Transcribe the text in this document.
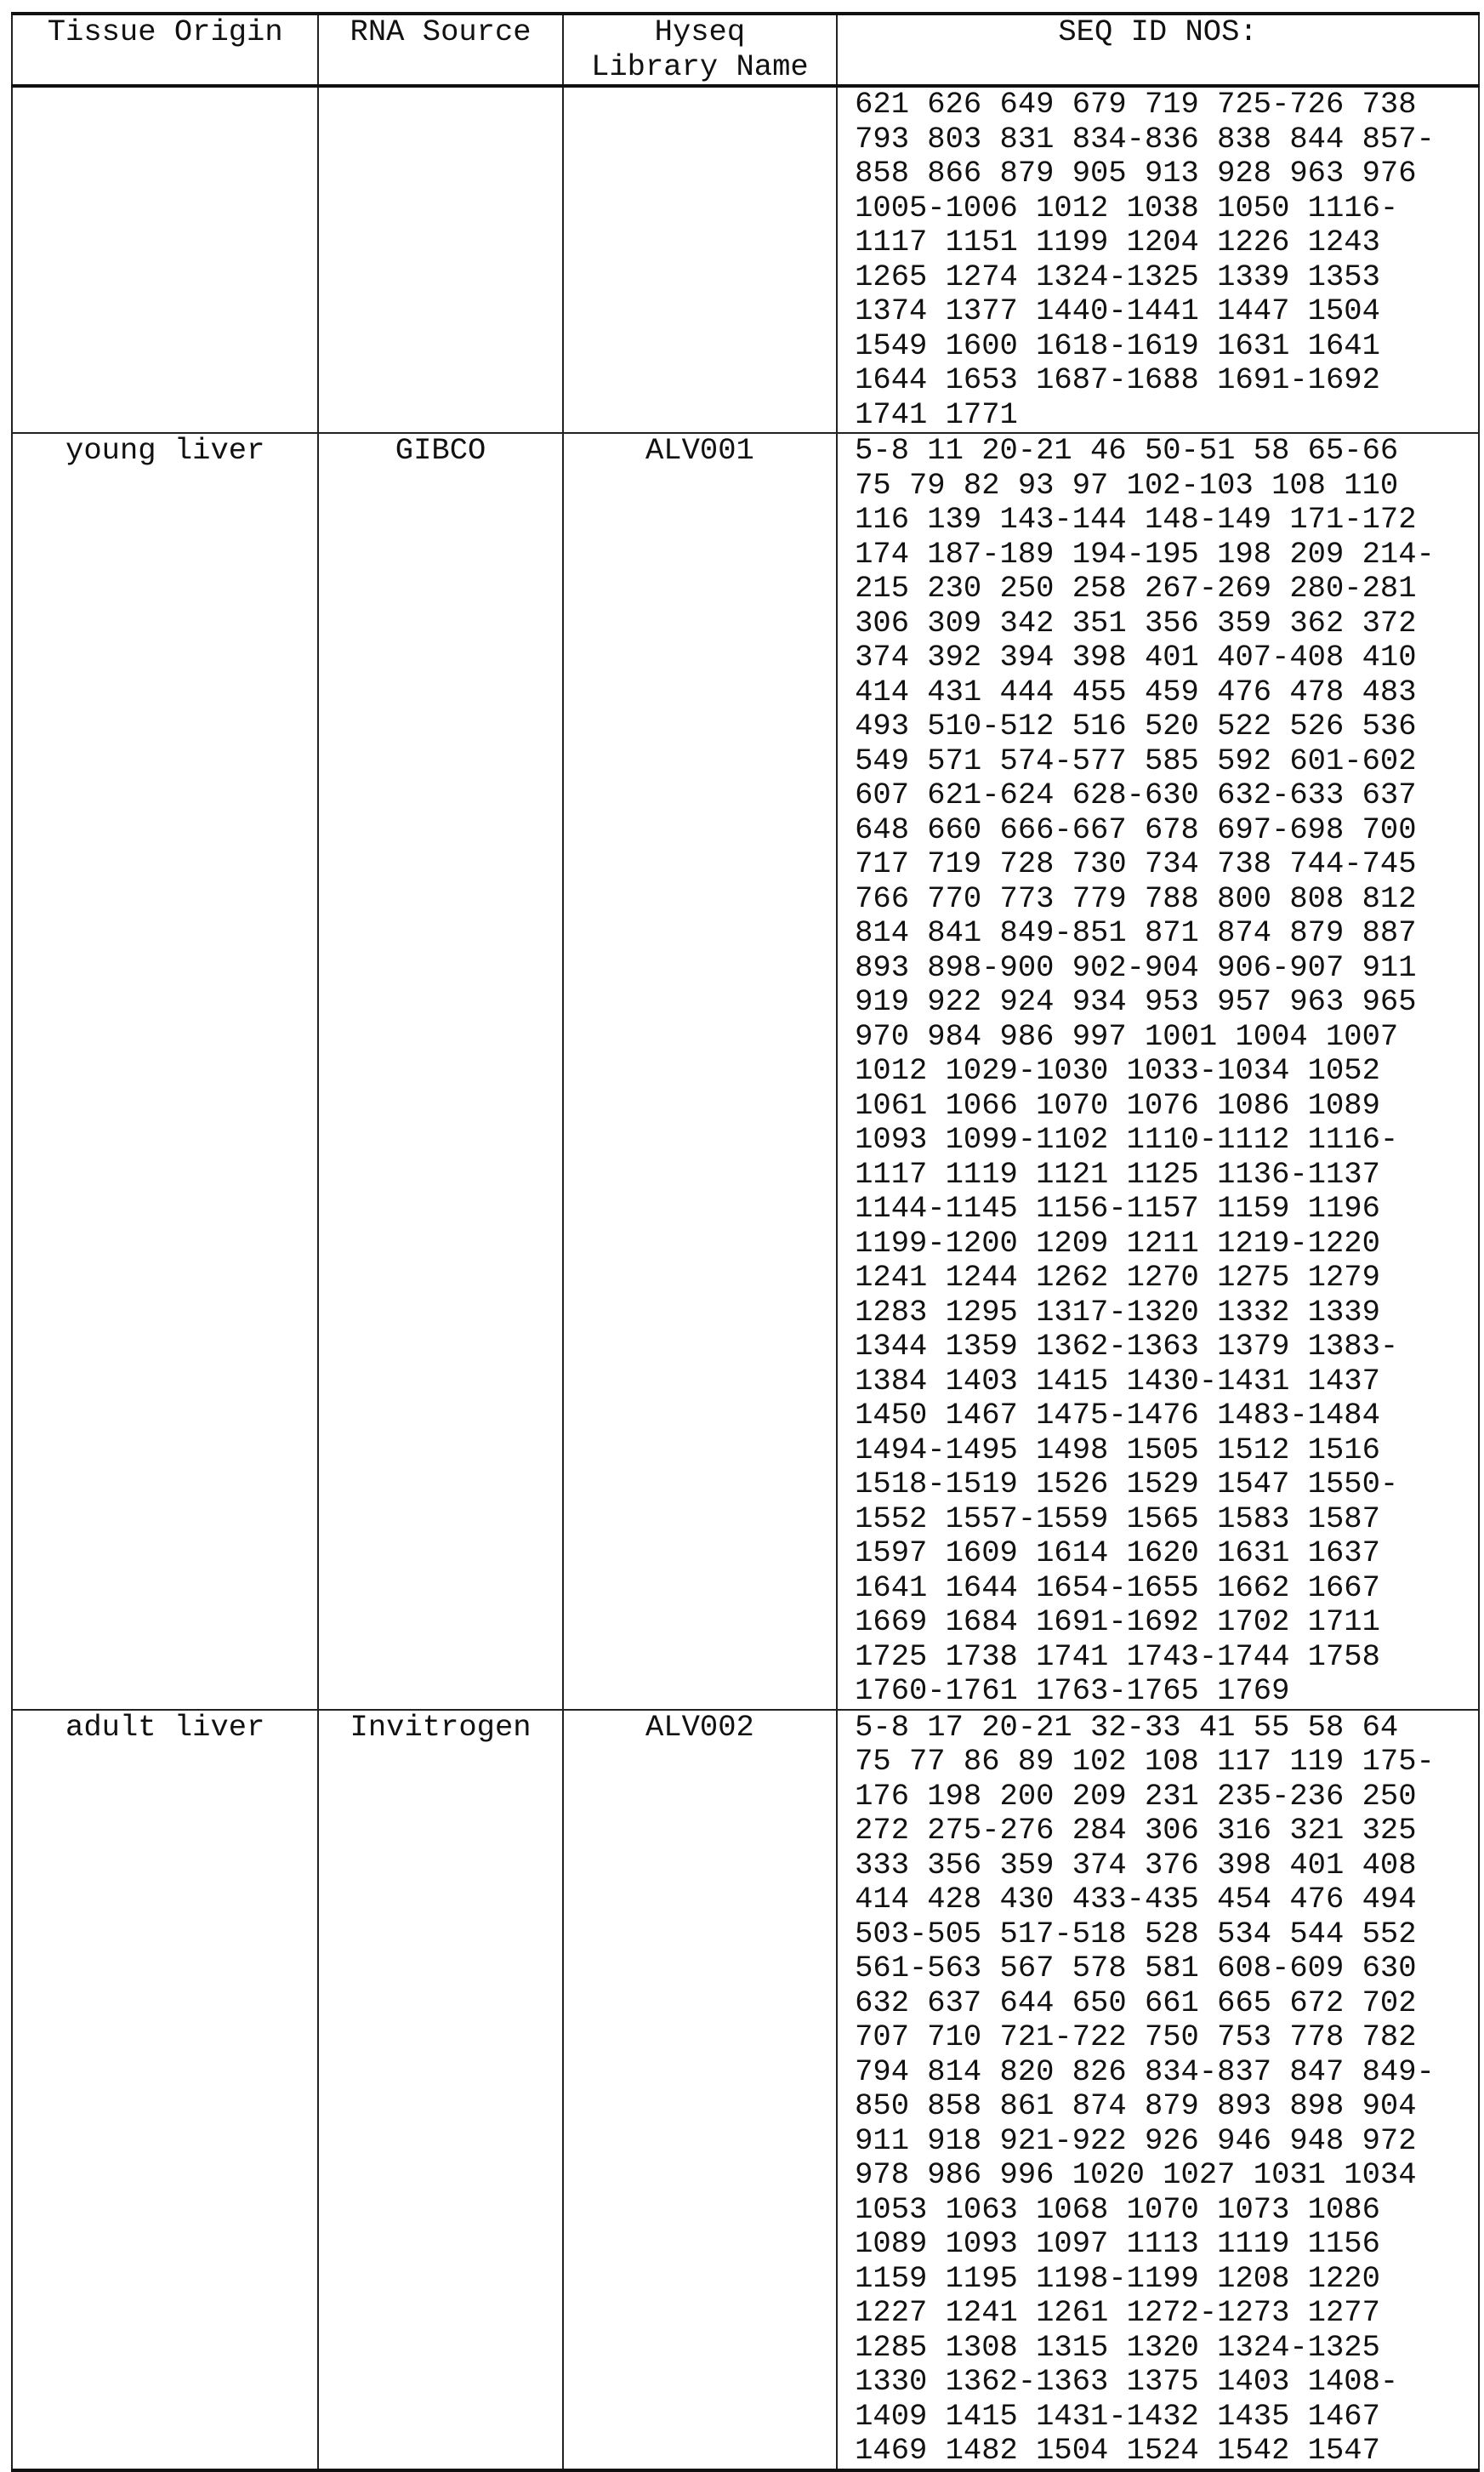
Tissue Origin	RNA Source	Hyseq
Library Name
	SEQ ID NOS:

621 626 649 679 719 725-726 738
793 803 831 834-836 838 844 857-
858 866 879 905 913 928 963 976
1005-1006 1012 1038 1050 1116-
1117 1151 1199 1204 1226 1243
1265 1274 1324-1325 1339 1353
1374 1377 1440-1441 1447 1504
1549 1600 1618-1619 1631 1641
1644 1653 1687-1688 1691-1692
1741 1771

young liver	GIBCO	ALV001	5-8 11 20-21 46 50-51 58 65-66
75 79 82 93 97 102-103 108 110
116 139 143-144 148-149 171-172
174 187-189 194-195 198 209 214-
215 230 250 258 267-269 280-281
306 309 342 351 356 359 362 372
374 392 394 398 401 407-408 410
414 431 444 455 459 476 478 483
493 510-512 516 520 522 526 536
549 571 574-577 585 592 601-602
607 621-624 628-630 632-633 637
648 660 666-667 678 697-698 700
717 719 728 730 734 738 744-745
766 770 773 779 788 800 808 812
814 841 849-851 871 874 879 887
893 898-900 902-904 906-907 911
919 922 924 934 953 957 963 965
970 984 986 997 1001 1004 1007
1012 1029-1030 1033-1034 1052
1061 1066 1070 1076 1086 1089
1093 1099-1102 1110-1112 1116-
1117 1119 1121 1125 1136-1137
1144-1145 1156-1157 1159 1196
1199-1200 1209 1211 1219-1220
1241 1244 1262 1270 1275 1279
1283 1295 1317-1320 1332 1339
1344 1359 1362-1363 1379 1383-
1384 1403 1415 1430-1431 1437
1450 1467 1475-1476 1483-1484
1494-1495 1498 1505 1512 1516
1518-1519 1526 1529 1547 1550-
1552 1557-1559 1565 1583 1587
1597 1609 1614 1620 1631 1637
1641 1644 1654-1655 1662 1667
1669 1684 1691-1692 1702 1711
1725 1738 1741 1743-1744 1758
1760-1761 1763-1765 1769

adult liver	Invitrogen	ALV002	5-8 17 20-21 32-33 41 55 58 64
75 77 86 89 102 108 117 119 175-
176 198 200 209 231 235-236 250
272 275-276 284 306 316 321 325
333 356 359 374 376 398 401 408
414 428 430 433-435 454 476 494
503-505 517-518 528 534 544 552
561-563 567 578 581 608-609 630
632 637 644 650 661 665 672 702
707 710 721-722 750 753 778 782
794 814 820 826 834-837 847 849-
850 858 861 874 879 893 898 904
911 918 921-922 926 946 948 972
978 986 996 1020 1027 1031 1034
1053 1063 1068 1070 1073 1086
1089 1093 1097 1113 1119 1156
1159 1195 1198-1199 1208 1220
1227 1241 1261 1272-1273 1277
1285 1308 1315 1320 1324-1325
1330 1362-1363 1375 1403 1408-
1409 1415 1431-1432 1435 1467
1469 1482 1504 1524 1542 1547
